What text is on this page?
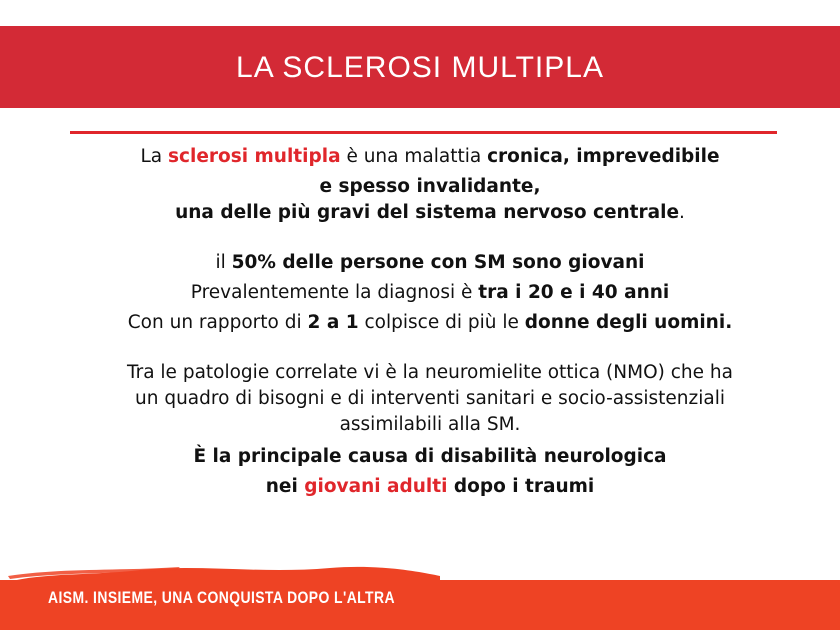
LA SCLEROSI MULTIPLA

La sclerosi multipla è una malattia cronica, imprevedibile

e spesso invalidante,

una delle più gravi del sistema nervoso centrale.

il 50% delle persone con SM sono giovani

Prevalentemente la diagnosi è tra i 20 e i 40 anni

Con un rapporto di 2 a 1 colpisce di più le donne degli uomini.

Tra le patologie correlate vi è la neuromielite ottica (NMO) che ha

un quadro di bisogni e di interventi sanitari e socio-assistenziali

assimilabili alla SM.

È la principale causa di disabilità neurologica

nei giovani adulti dopo i traumi

AISM. INSIEME, UNA CONQUISTA DOPO L'ALTRA
